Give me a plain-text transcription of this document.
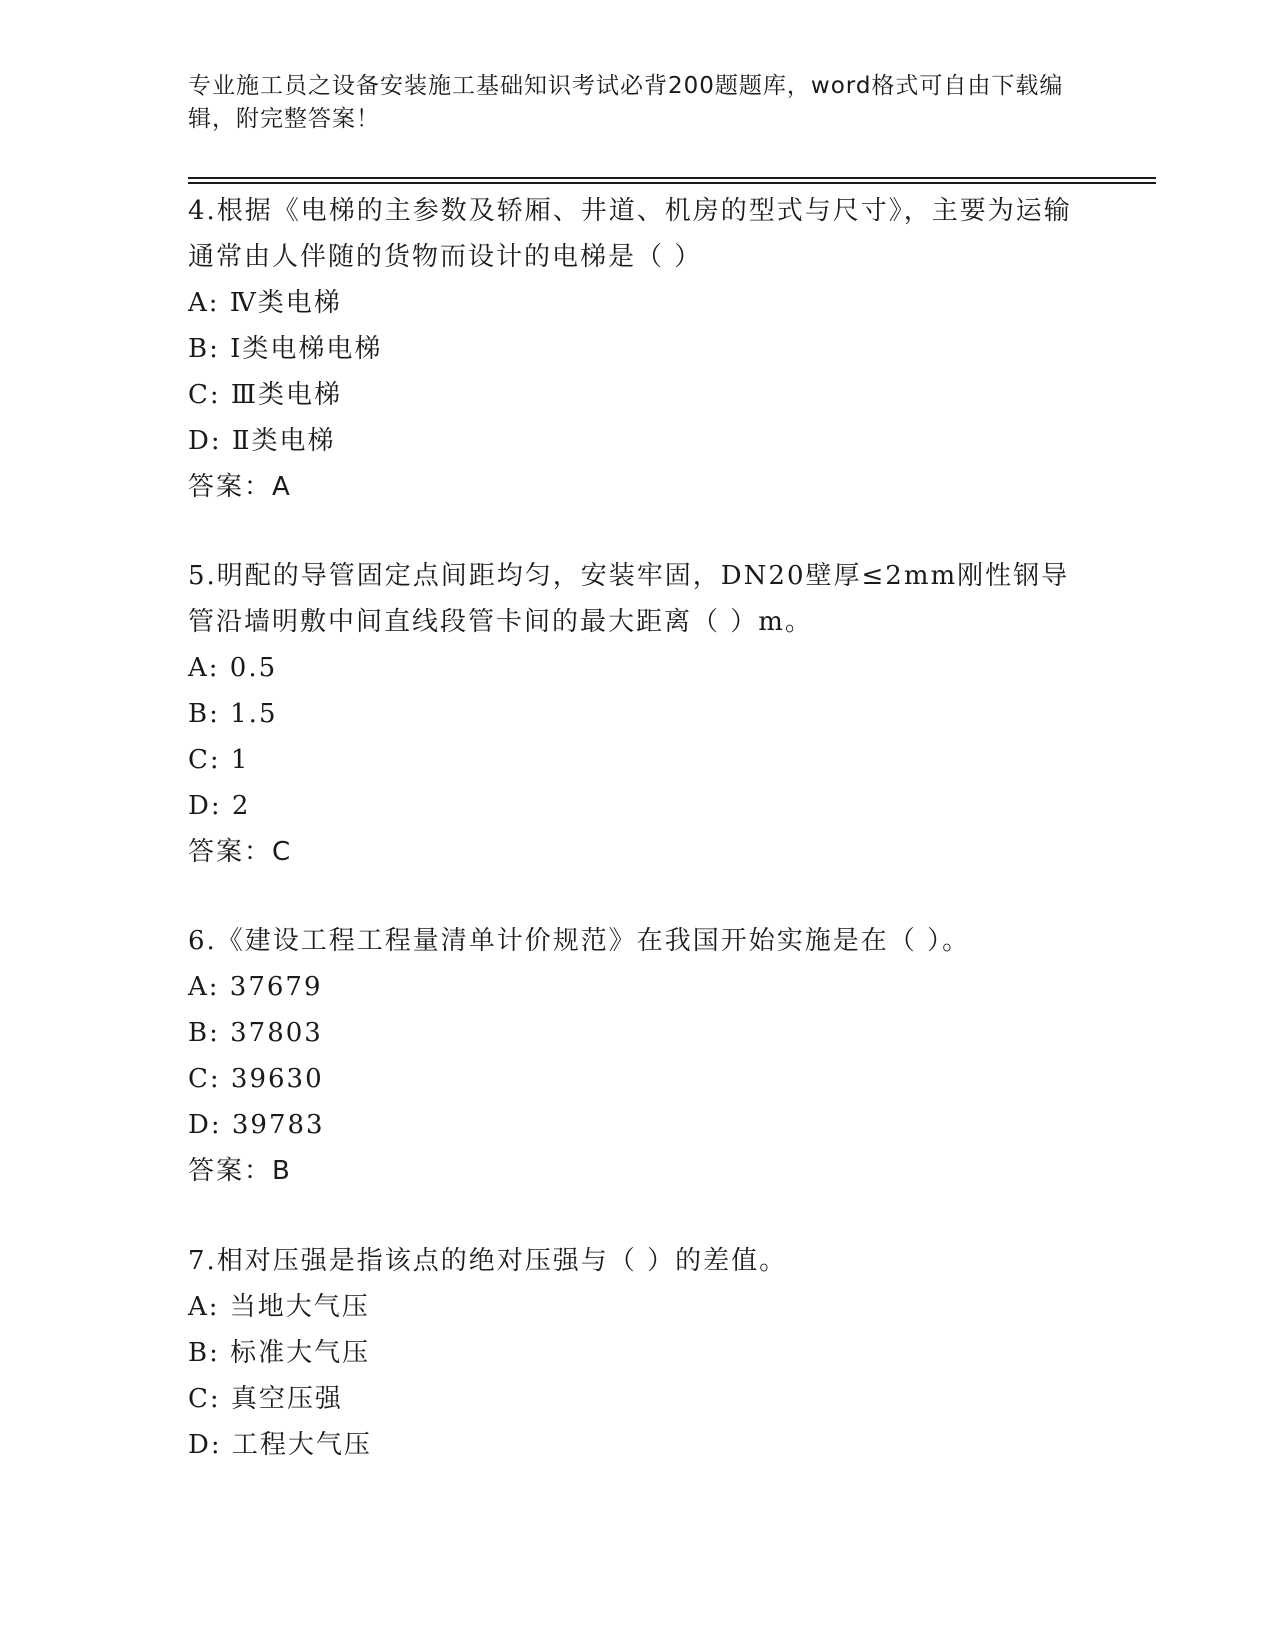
专业施工员之设备安装施工基础知识考试必背200题题库，word格式可自由下载编辑，附完整答案！

4.根据《电梯的主参数及轿厢、井道、机房的型式与尺寸》，主要为运输通常由人伴随的货物而设计的电梯是（ ）

A: Ⅳ类电梯

B: Ⅰ类电梯电梯

C: Ⅲ类电梯

D: Ⅱ类电梯

答案：A

5.明配的导管固定点间距均匀，安装牢固，DN20壁厚≤2mm刚性钢导管沿墙明敷中间直线段管卡间的最大距离（ ）m。

A: 0.5

B: 1.5

C: 1

D: 2

答案：C

6.《建设工程工程量清单计价规范》在我国开始实施是在（ ）。

A: 37679

B: 37803

C: 39630

D: 39783

答案：B

7.相对压强是指该点的绝对压强与（ ）的差值。

A: 当地大气压

B: 标准大气压

C: 真空压强

D: 工程大气压
